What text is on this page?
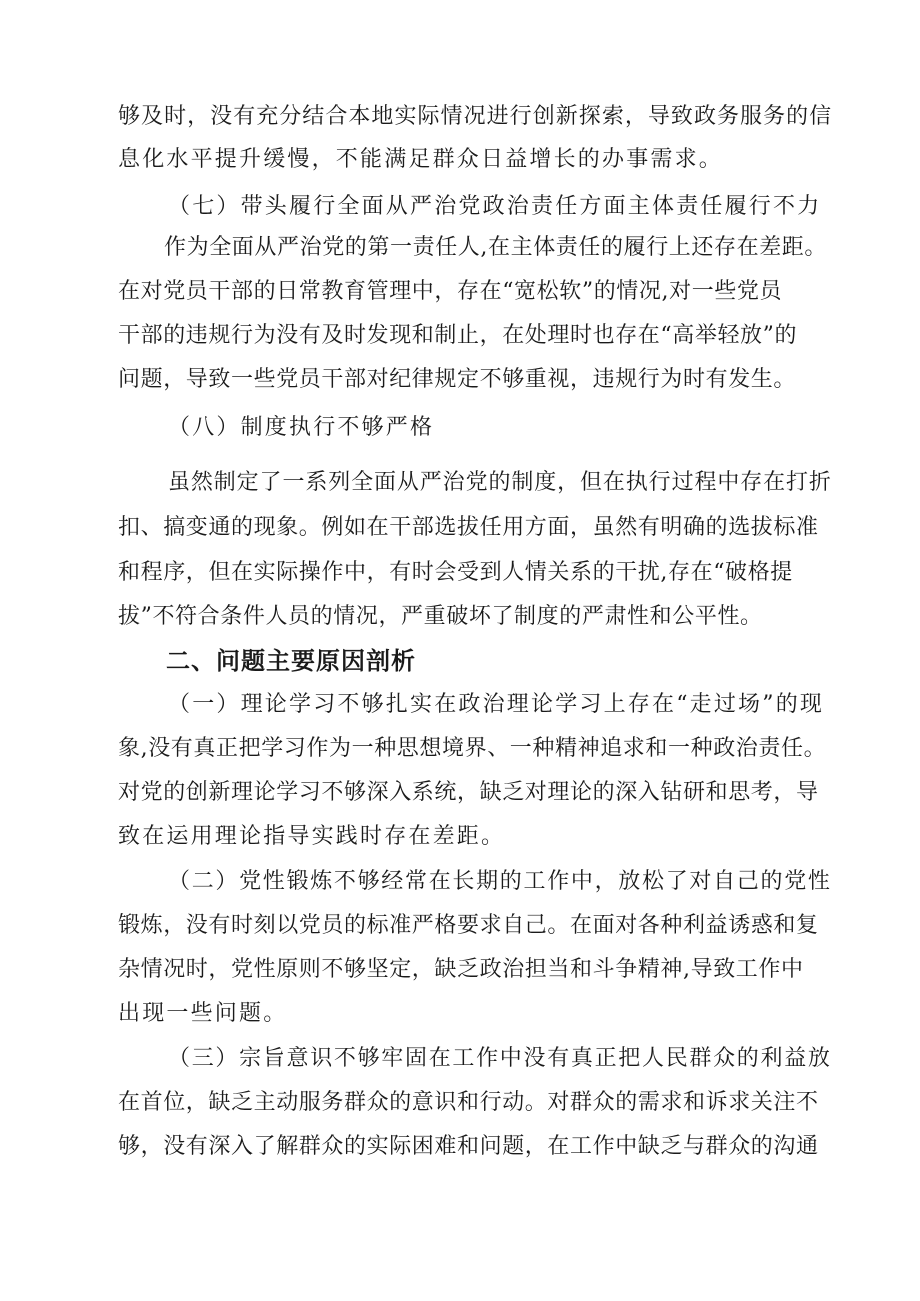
够及时，没有充分结合本地实际情况进行创新探索，导致政务服务的信
息化水平提升缓慢，不能满足群众日益增长的办事需求。
（七）带头履行全面从严治党政治责任方面主体责任履行不力
作为全面从严治党的第一责任人,在主体责任的履行上还存在差距。
在对党员干部的日常教育管理中，存在“宽松软”的情况,对一些党员
干部的违规行为没有及时发现和制止，在处理时也存在“高举轻放”的
问题，导致一些党员干部对纪律规定不够重视，违规行为时有发生。
（八）制度执行不够严格
虽然制定了一系列全面从严治党的制度，但在执行过程中存在打折
扣、搞变通的现象。例如在干部选拔任用方面，虽然有明确的选拔标准
和程序，但在实际操作中，有时会受到人情关系的干扰,存在“破格提
拔”不符合条件人员的情况，严重破坏了制度的严肃性和公平性。
二、问题主要原因剖析
（一）理论学习不够扎实在政治理论学习上存在“走过场”的现
象,没有真正把学习作为一种思想境界、一种精神追求和一种政治责任。
对党的创新理论学习不够深入系统，缺乏对理论的深入钻研和思考，导
致在运用理论指导实践时存在差距。
（二）党性锻炼不够经常在长期的工作中，放松了对自己的党性
锻炼，没有时刻以党员的标准严格要求自己。在面对各种利益诱惑和复
杂情况时，党性原则不够坚定，缺乏政治担当和斗争精神,导致工作中
出现一些问题。
（三）宗旨意识不够牢固在工作中没有真正把人民群众的利益放
在首位，缺乏主动服务群众的意识和行动。对群众的需求和诉求关注不
够，没有深入了解群众的实际困难和问题，在工作中缺乏与群众的沟通
